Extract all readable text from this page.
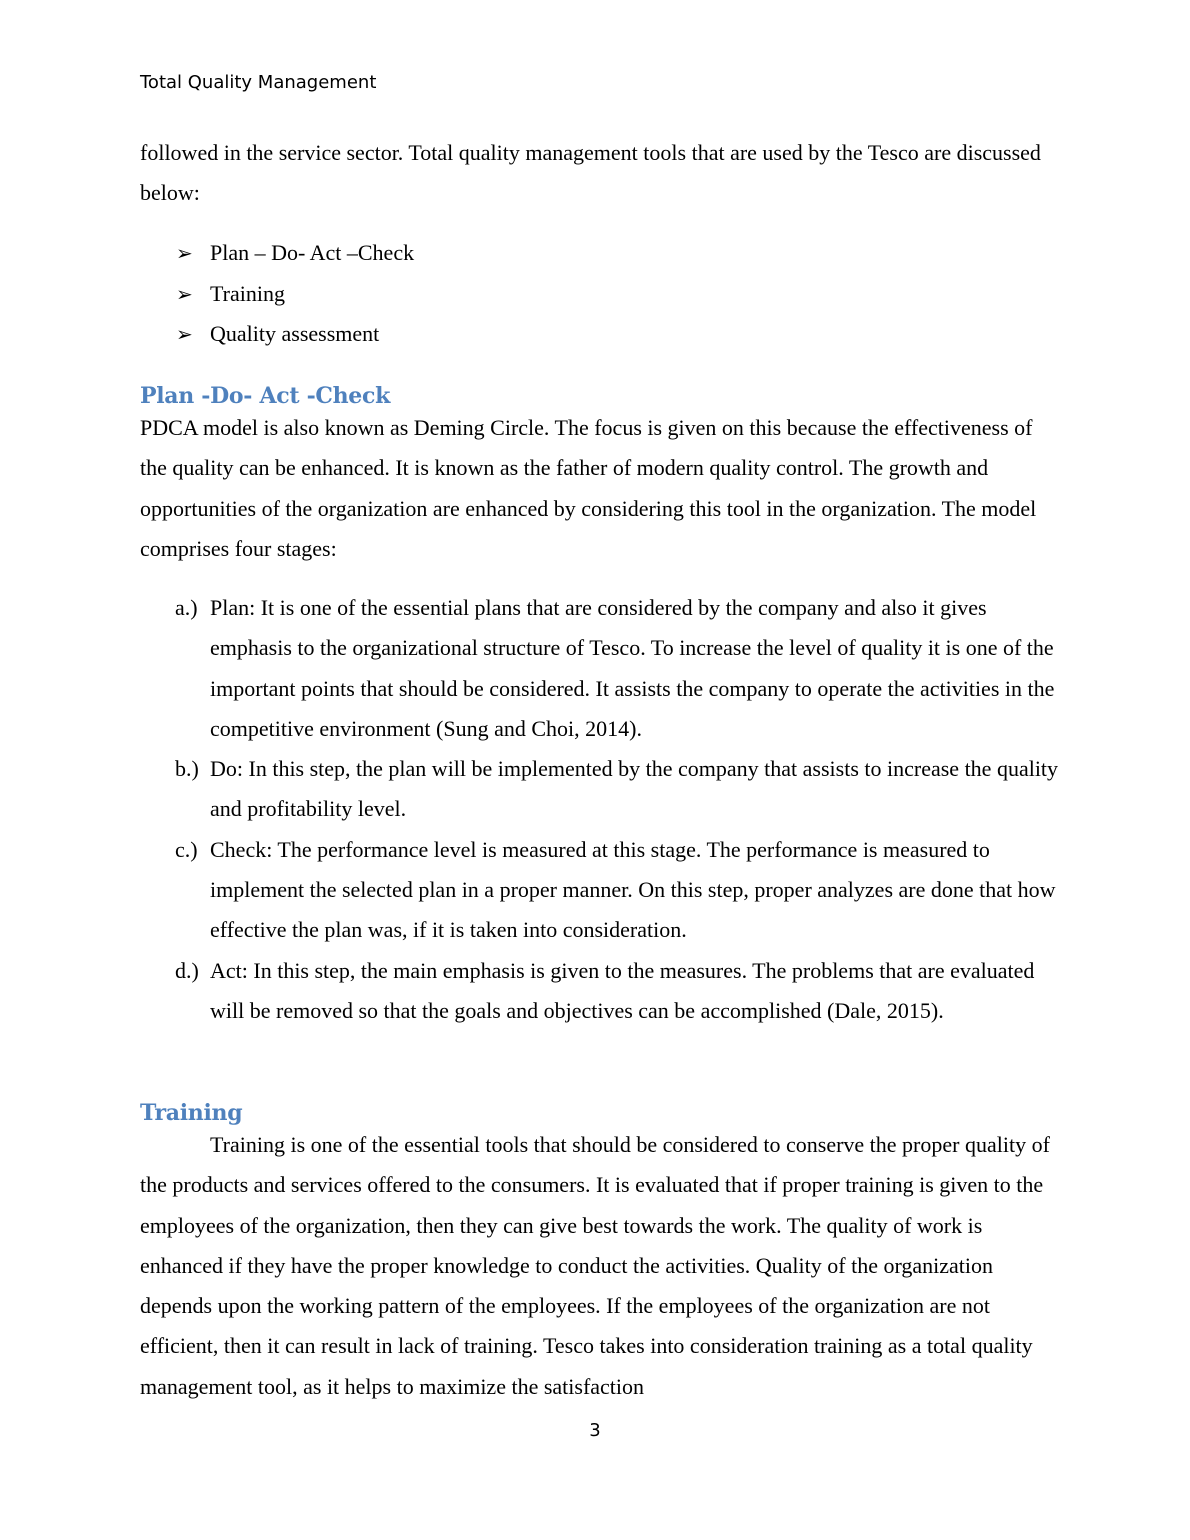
Total Quality Management

followed in the service sector. Total quality management tools that are used by the Tesco are discussed below:

➢ Plan – Do- Act –Check
➢ Training
➢ Quality assessment
Plan -Do- Act -Check

PDCA model is also known as Deming Circle. The focus is given on this because the effectiveness of the quality can be enhanced. It is known as the father of modern quality control. The growth and opportunities of the organization are enhanced by considering this tool in the organization. The model comprises four stages:

a.) Plan: It is one of the essential plans that are considered by the company and also it gives emphasis to the organizational structure of Tesco. To increase the level of quality it is one of the important points that should be considered. It assists the company to operate the activities in the competitive environment (Sung and Choi, 2014).
b.) Do: In this step, the plan will be implemented by the company that assists to increase the quality and profitability level.
c.) Check: The performance level is measured at this stage. The performance is measured to implement the selected plan in a proper manner. On this step, proper analyzes are done that how effective the plan was, if it is taken into consideration.
d.) Act: In this step, the main emphasis is given to the measures. The problems that are evaluated will be removed so that the goals and objectives can be accomplished (Dale, 2015).
Training

Training is one of the essential tools that should be considered to conserve the proper quality of the products and services offered to the consumers. It is evaluated that if proper training is given to the employees of the organization, then they can give best towards the work. The quality of work is enhanced if they have the proper knowledge to conduct the activities. Quality of the organization depends upon the working pattern of the employees. If the employees of the organization are not efficient, then it can result in lack of training. Tesco takes into consideration training as a total quality management tool, as it helps to maximize the satisfaction

3
